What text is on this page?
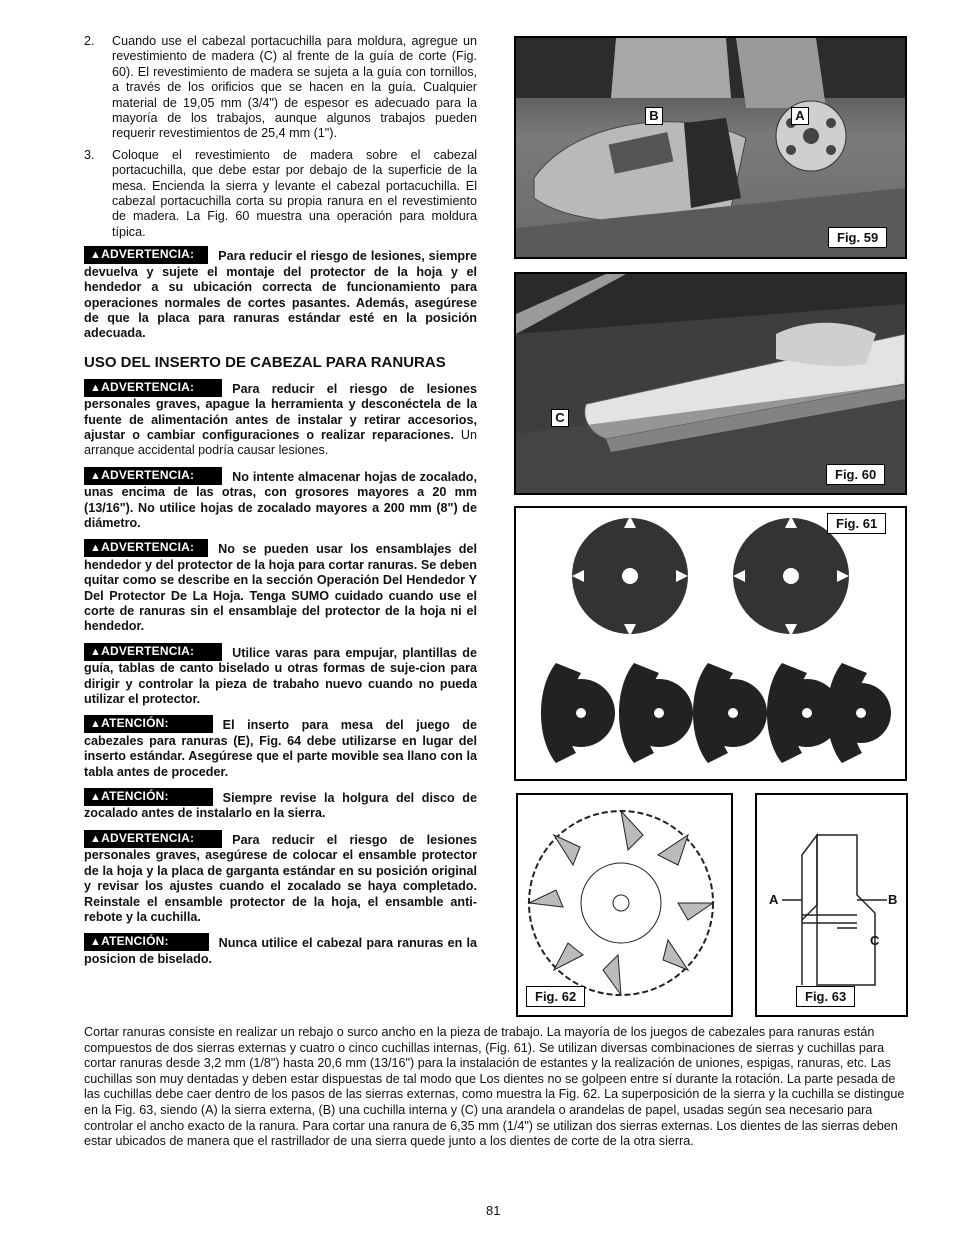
2.	Cuando use el cabezal portacuchilla para moldura, agregue un revestimiento de madera (C) al frente de la guía de corte (Fig. 60). El revestimiento de madera se sujeta a la guía con tornillos, a través de los orificios que se hacen en la guía. Cualquier material de 19,05 mm (3/4") de espesor es adecuado para la mayoría de los trabajos, aunque algunos trabajos pueden requerir revestimientos de 25,4 mm (1").

3.	Coloque el revestimiento de madera sobre el cabezal portacuchilla, que debe estar por debajo de la superficie de la mesa. Encienda la sierra y levante el cabezal portacuchilla. El cabezal portacuchilla corta su propia ranura en el revestimiento de madera. La Fig. 60 muestra una operación para moldura típica.

▲ADVERTENCIA: Para reducir el riesgo de lesiones, siempre devuelva y sujete el montaje del protector de la hoja y el hendedor a su ubicación correcta de funcionamiento para operaciones normales de cortes pasantes. Además, asegúrese de que la placa para ranuras estándar esté en la posición adecuada.
USO DEL INSERTO DE CABEZAL PARA RANURAS
▲ADVERTENCIA:	Para reducir el riesgo de lesiones personales graves, apague la herramienta y desconéctela de la fuente de alimentación antes de instalar y retirar accesorios, ajustar o cambiar configuraciones o realizar reparaciones. Un arranque accidental podría causar lesiones.
▲ADVERTENCIA:	No intente almacenar hojas de zocalado, unas encima de las otras, con grosores mayores a 20 mm (13/16"). No utilice hojas de zocalado mayores a 200 mm (8") de diámetro.
▲ADVERTENCIA: No se pueden usar los ensamblajes del hendedor y del protector de la hoja para cortar ranuras. Se deben quitar como se describe en la sección Operación Del Hendedor Y Del Protector De La Hoja. Tenga SUMO cuidado cuando use el corte de ranuras sin el ensamblaje del protector de la hoja ni el hendedor.
▲ADVERTENCIA:	Utilice varas para empujar, plantillas de guía, tablas de canto biselado u otras formas de suje-cion para dirigir y controlar la pieza de trabaho nuevo cuando no pueda utilizar el protector.
▲ATENCIÓN:	El inserto para mesa del juego de cabezales para ranuras (E), Fig. 64 debe utilizarse en lugar del inserto estándar. Asegúrese que el parte movible sea llano con la tabla antes de proceder.
▲ATENCIÓN:	Siempre revise la holgura del disco de zocalado antes de instalarlo en la sierra.
▲ADVERTENCIA:	Para reducir el riesgo de lesiones personales graves, asegúrese de colocar el ensamble protector de la hoja y la placa de garganta estándar en su posición original y revisar los ajustes cuando el zocalado se haya completado. Reinstale el ensamble protector de la hoja, el ensamble anti-rebote y la cuchilla.
▲ATENCIÓN:	Nunca utilice el cabezal para ranuras en la posicion de biselado.
B	A
Fig. 59
C
Fig. 60
Fig. 61
Fig. 62
A	B
C
Fig. 63

Cortar ranuras consiste en realizar un rebajo o surco ancho en la pieza de trabajo. La mayoría de los juegos de cabezales para ranuras están compuestos de dos sierras externas y cuatro o cinco cuchillas internas, (Fig. 61). Se utilizan diversas combinaciones de sierras y cuchillas para cortar ranuras desde 3,2 mm (1/8") hasta 20,6 mm (13/16") para la instalación de estantes y la realización de uniones, espigas, ranuras, etc. Las cuchillas son muy dentadas y deben estar dispuestas de tal modo que Los dientes no se golpeen entre sí durante la rotación. La parte pesada de las cuchillas debe caer dentro de los pasos de las sierras externas, como muestra la Fig. 62. La superposición de la sierra y la cuchilla se distingue en la Fig. 63, siendo (A) la sierra externa, (B) una cuchilla interna y (C) una arandela o arandelas de papel, usadas según sea necesario para controlar el ancho exacto de la ranura. Para cortar una ranura de 6,35 mm (1/4") se utilizan dos sierras externas. Los dientes de las sierras deben estar ubicados de manera que el rastrillador de una sierra quede junto a los dientes de corte de la otra sierra.

81
